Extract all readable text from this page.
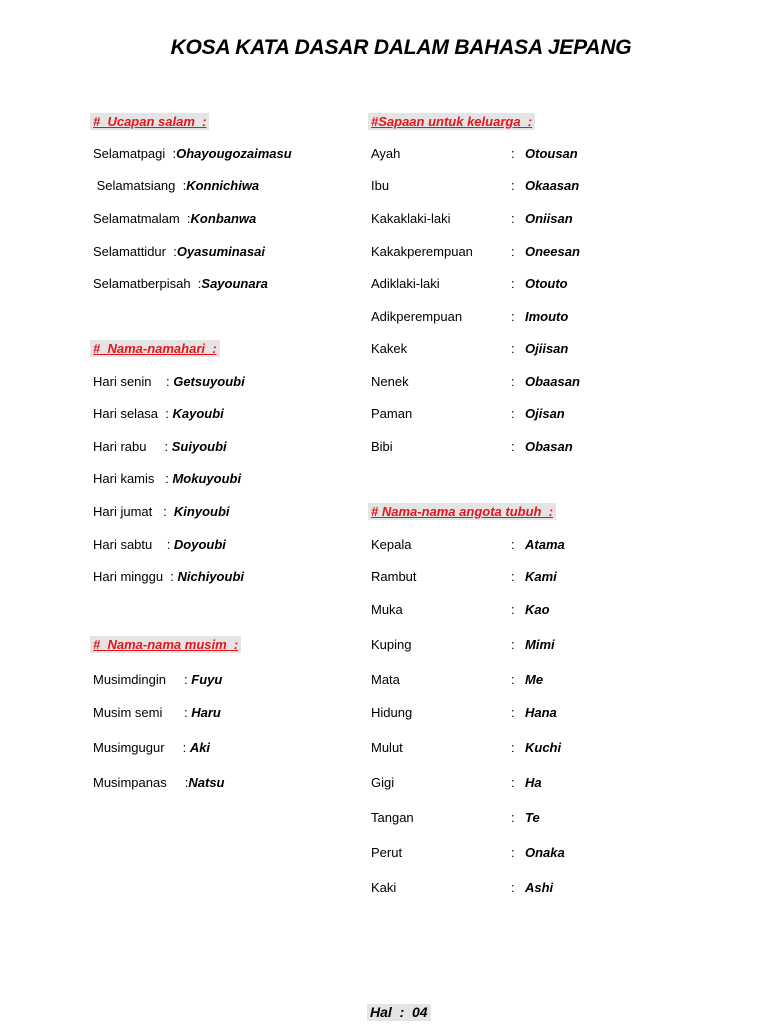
KOSA KATA DASAR DALAM BAHASA JEPANG
#  Ucapan salam  :
Selamatpagi  :Ohayougozaimasu
Selamatsiang  :Konnichiwa
Selamatmalam  :Konbanwa
Selamattidur  :Oyasuminasai
Selamatberpisah  :Sayounara
#  Nama-namahari  :
Hari senin    : Getsuyoubi
Hari selasa  : Kayoubi
Hari rabu     : Suiyoubi
Hari kamis   : Mokuyoubi
Hari jumat   :  Kinyoubi
Hari sabtu    : Doyoubi
Hari minggu  : Nichiyoubi
#  Nama-nama musim  :
Musimdingin     : Fuyu
Musim semi      : Haru
Musimgugur     : Aki
Musimpanas     :Natsu
#Sapaan untuk keluarga  :
Ayah	: Otousan
Ibu	: Okaasan
Kakaklaki-laki	: Oniisan
Kakakperempuan	: Oneesan
Adiklaki-laki	: Otouto
Adikperempuan	: Imouto
Kakek	: Ojiisan
Nenek	: Obaasan
Paman	: Ojisan
Bibi	: Obasan
# Nama-nama angota tubuh  :
Kepala	: Atama
Rambut	: Kami
Muka	: Kao
Kuping	: Mimi
Mata	: Me
Hidung	: Hana
Mulut	: Kuchi
Gigi	: Ha
Tangan	: Te
Perut	: Onaka
Kaki	: Ashi
Hal  :  04
